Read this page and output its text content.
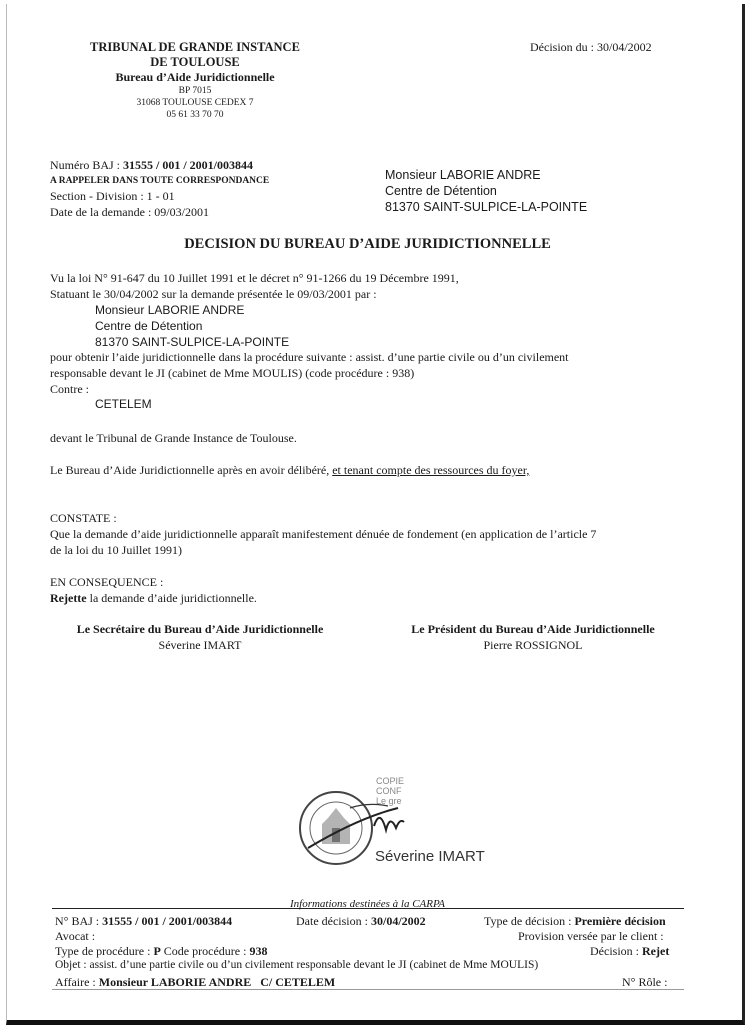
TRIBUNAL DE GRANDE INSTANCE
DE TOULOUSE
Bureau d’Aide Juridictionnelle
BP 7015
31068 TOULOUSE CEDEX 7
05 61 33 70 70
Décision du : 30/04/2002
Numéro BAJ : 31555 / 001 / 2001/003844
A RAPPELER DANS TOUTE CORRESPONDANCE
Section - Division : 1 - 01
Date de la demande : 09/03/2001
Monsieur LABORIE ANDRE
Centre de Détention
81370 SAINT-SULPICE-LA-POINTE
DECISION DU BUREAU D’AIDE JURIDICTIONNELLE
Vu la loi N° 91-647 du 10 Juillet 1991 et le décret n° 91-1266 du 19 Décembre 1991,
Statuant le 30/04/2002 sur la demande présentée le 09/03/2001 par :
Monsieur LABORIE ANDRE
Centre de Détention
81370 SAINT-SULPICE-LA-POINTE
pour obtenir l’aide juridictionnelle dans la procédure suivante : assist. d’une partie civile ou d’un civilement
responsable devant le JI (cabinet de Mme MOULIS) (code procédure : 938)
Contre :
CETELEM
devant le Tribunal de Grande Instance de Toulouse.
Le Bureau d’Aide Juridictionnelle après en avoir délibéré, et tenant compte des ressources du foyer,
CONSTATE :
Que la demande d’aide juridictionnelle apparaît manifestement dénuée de fondement (en application de l’article 7
de la loi du 10 Juillet 1991)
EN CONSEQUENCE :
Rejette la demande d’aide juridictionnelle.
Le Secrétaire du Bureau d’Aide Juridictionnelle
Séverine IMART
Le Président du Bureau d’Aide Juridictionnelle
Pierre ROSSIGNOL
COPIE
CONF
Le gre
Séverine IMART
Informations destinées à la CARPA
N° BAJ : 31555 / 001 / 2001/003844	Date décision : 30/04/2002	Type de décision : Première décision
Avocat :	Provision versée par le client :
Type de procédure : P Code procédure : 938	Décision : Rejet
Objet : assist. d’une partie civile ou d’un civilement responsable devant le JI (cabinet de Mme MOULIS)
Affaire : Monsieur LABORIE ANDRE C/ CETELEM	N° Rôle :
